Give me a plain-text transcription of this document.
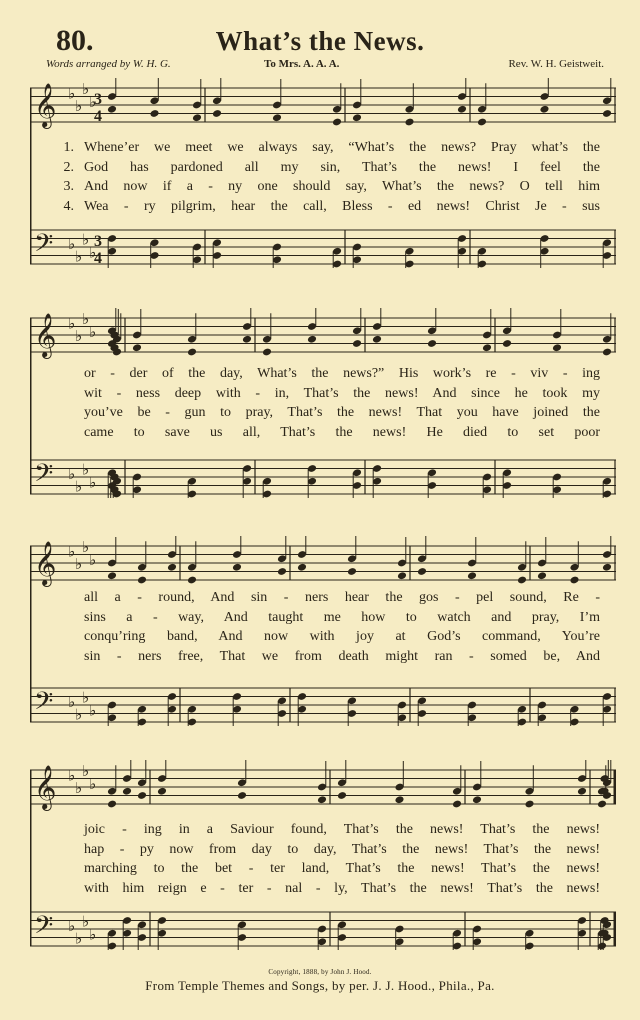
80.	What’s the News.
Words arranged by W. H. G.	To Mrs. A. A. A.	Rev. W. H. Geistweit.
𝄞
𝄢
♭
♭
♭
♭
♭
♭
♭
♭
3
4
3
4
1. Whene’er we meet we always say, “What’s the news? Pray what’s the
2. God has pardoned all my sin, That’s the news! I feel the
3. And now if a - ny one should say, What’s the news? O tell him
4. Wea - ry pilgrim, hear the call, Bless - ed news! Christ Je - sus
𝄞
𝄢
♭
♭
♭
♭
♭
♭
♭
♭
or - der of the day, What’s the news?” His work’s re - viv - ing
wit - ness deep with - in, That’s the news! And since he took my
you’ve be - gun to pray, That’s the news! That you have joined the
came to save us all, That’s the news! He died to set poor
𝄞
𝄢
♭
♭
♭
♭
♭
♭
♭
♭
all a - round, And sin - ners hear the gos - pel sound, Re -
sins a - way, And taught me how to watch and pray, I’m
conqu’ring band, And now with joy at God’s command, You’re
sin - ners free, That we from death might ran - somed be, And
𝄞
𝄢
♭
♭
♭
♭
♭
♭
♭
♭
joic - ing in a Saviour found, That’s the news! That’s the news!
hap - py now from day to day, That’s the news! That’s the news!
marching to the bet - ter land, That’s the news! That’s the news!
with him reign e - ter - nal - ly, That’s the news! That’s the news!
Copyright, 1888, by John J. Hood.
From Temple Themes and Songs, by per. J. J. Hood., Phila., Pa.
